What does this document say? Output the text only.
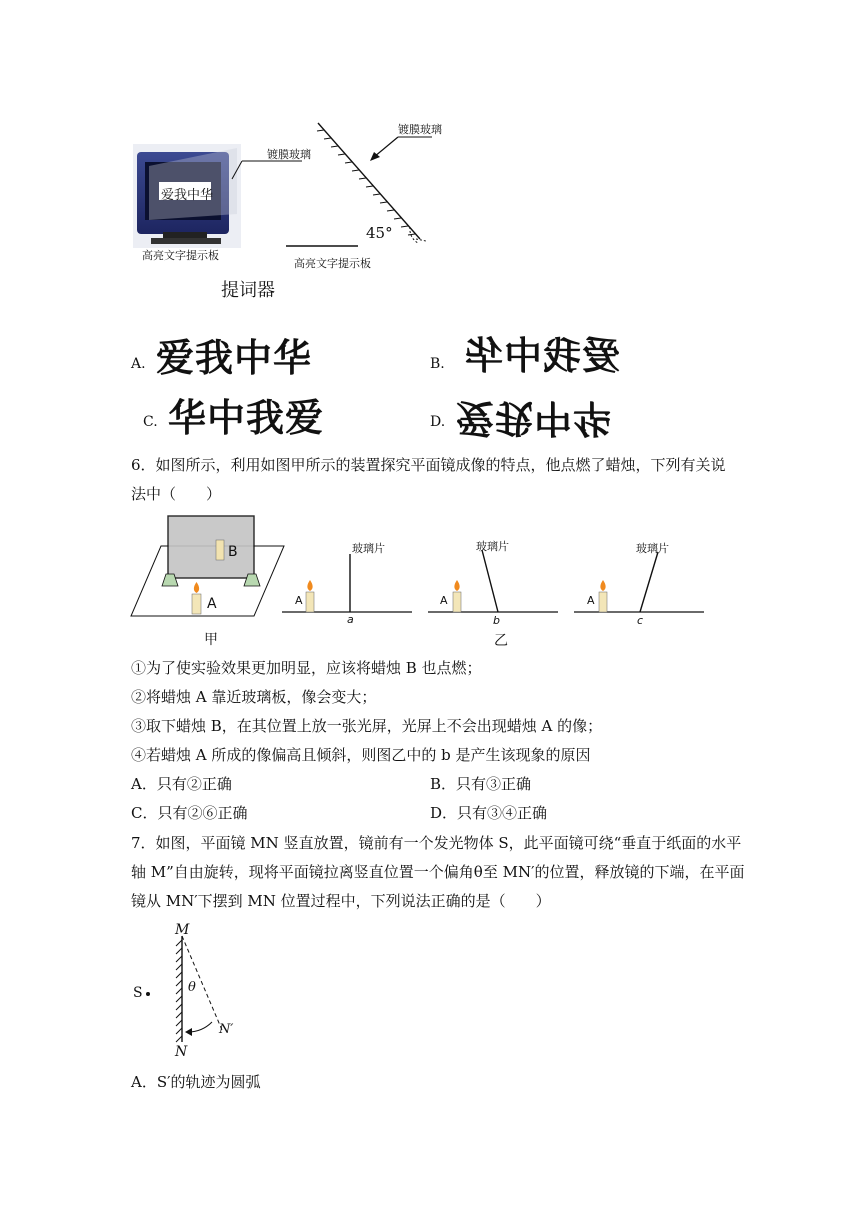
爱我中华
高亮文字提示板
镀膜玻璃
镀膜玻璃
45°
高亮文字提示板
提词器
A. 爱我中华	B. 爱我中华
C. 华中我爱	D. 爱我中华
6．如图所示，利用如图甲所示的装置探究平面镜成像的特点，他点燃了蜡烛，下列有关说
法中（　　）
B
A
甲
A
玻璃片
a
A
玻璃片
b
乙
A
玻璃片
c
①为了使实验效果更加明显，应该将蜡烛 B 也点燃；
②将蜡烛 A 靠近玻璃板，像会变大；
③取下蜡烛 B，在其位置上放一张光屏，光屏上不会出现蜡烛 A 的像；
④若蜡烛 A 所成的像偏高且倾斜，则图乙中的 b 是产生该现象的原因
A．只有②正确	B．只有③正确
C．只有②⑥正确	D．只有③④正确
7．如图，平面镜 MN 竖直放置，镜前有一个发光物体 S，此平面镜可绕“垂直于纸面的水平
轴 M”自由旋转，现将平面镜拉离竖直位置一个偏角θ至 MN′的位置，释放镜的下端，在平面
镜从 MN′下摆到 MN 位置过程中，下列说法正确的是（　　）
M
N
N′
θ
S
A．S′的轨迹为圆弧
